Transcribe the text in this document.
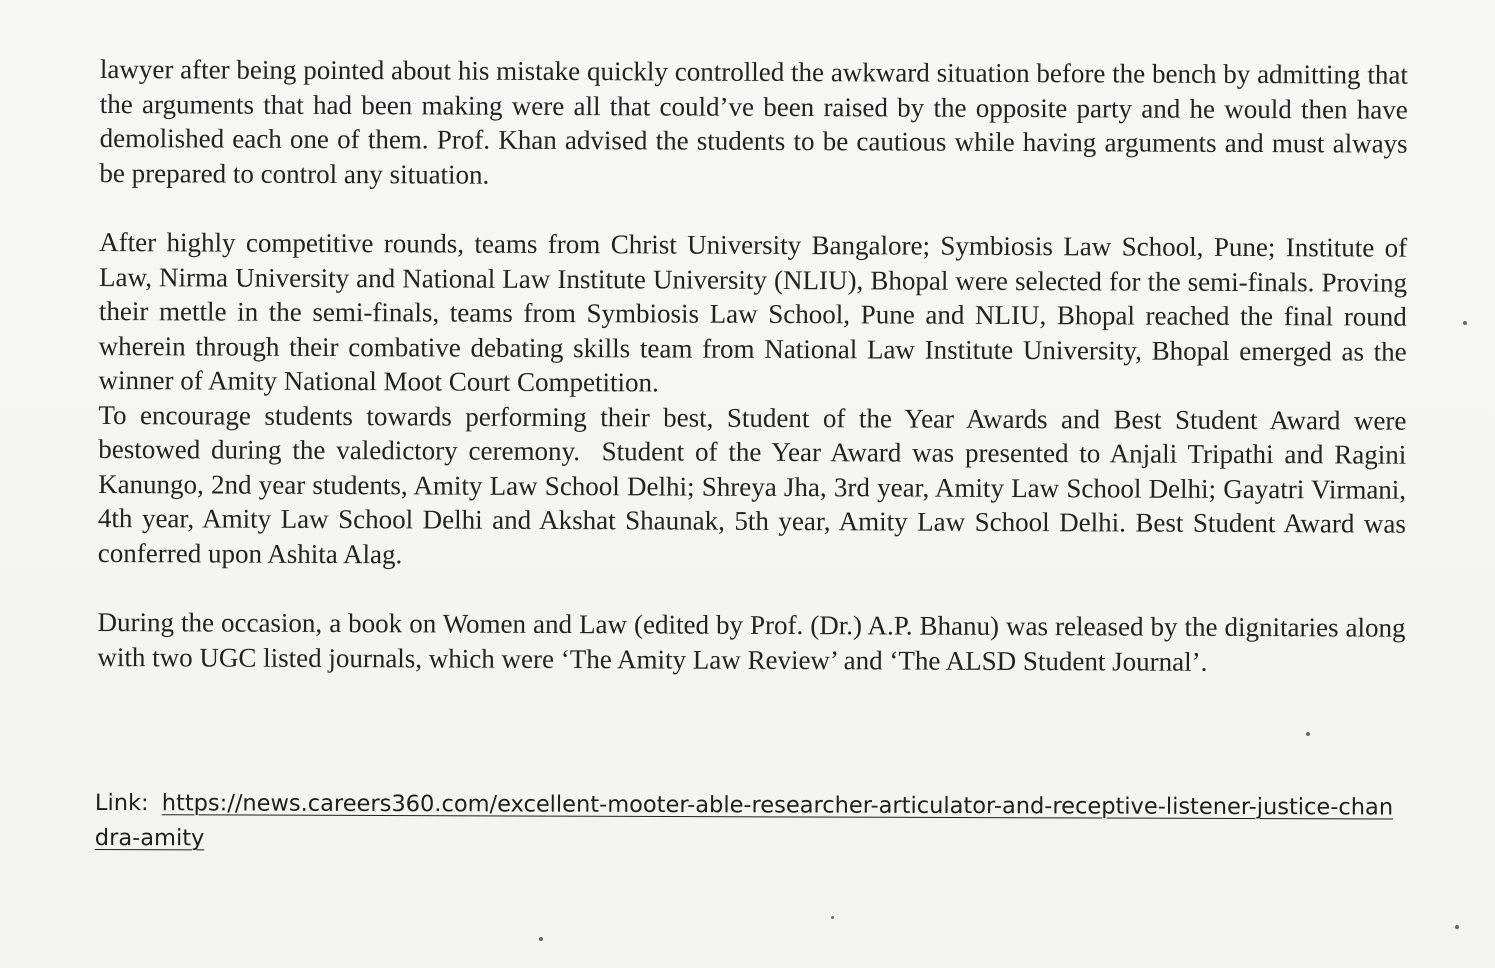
lawyer after being pointed about his mistake quickly controlled the awkward situation before the bench by admitting that the arguments that had been making were all that could’ve been raised by the opposite party and he would then have demolished each one of them. Prof. Khan advised the students to be cautious while having arguments and must always be prepared to control any situation.

After highly competitive rounds, teams from Christ University Bangalore; Symbiosis Law School, Pune; Institute of Law, Nirma University and National Law Institute University (NLIU), Bhopal were selected for the semi-finals. Proving their mettle in the semi-finals, teams from Symbiosis Law School, Pune and NLIU, Bhopal reached the final round wherein through their combative debating skills team from National Law Institute University, Bhopal emerged as the winner of Amity National Moot Court Competition.

To encourage students towards performing their best, Student of the Year Awards and Best Student Award were bestowed during the valedictory ceremony.  Student of the Year Award was presented to Anjali Tripathi and Ragini Kanungo, 2nd year students, Amity Law School Delhi; Shreya Jha, 3rd year, Amity Law School Delhi; Gayatri Virmani, 4th year, Amity Law School Delhi and Akshat Shaunak, 5th year, Amity Law School Delhi. Best Student Award was conferred upon Ashita Alag.

During the occasion, a book on Women and Law (edited by Prof. (Dr.) A.P. Bhanu) was released by the dignitaries along with two UGC listed journals, which were ‘The Amity Law Review’ and ‘The ALSD Student Journal’.

Link: https://news.careers360.com/excellent-mooter-able-researcher-articulator-and-receptive-listener-justice-chandra-amity
